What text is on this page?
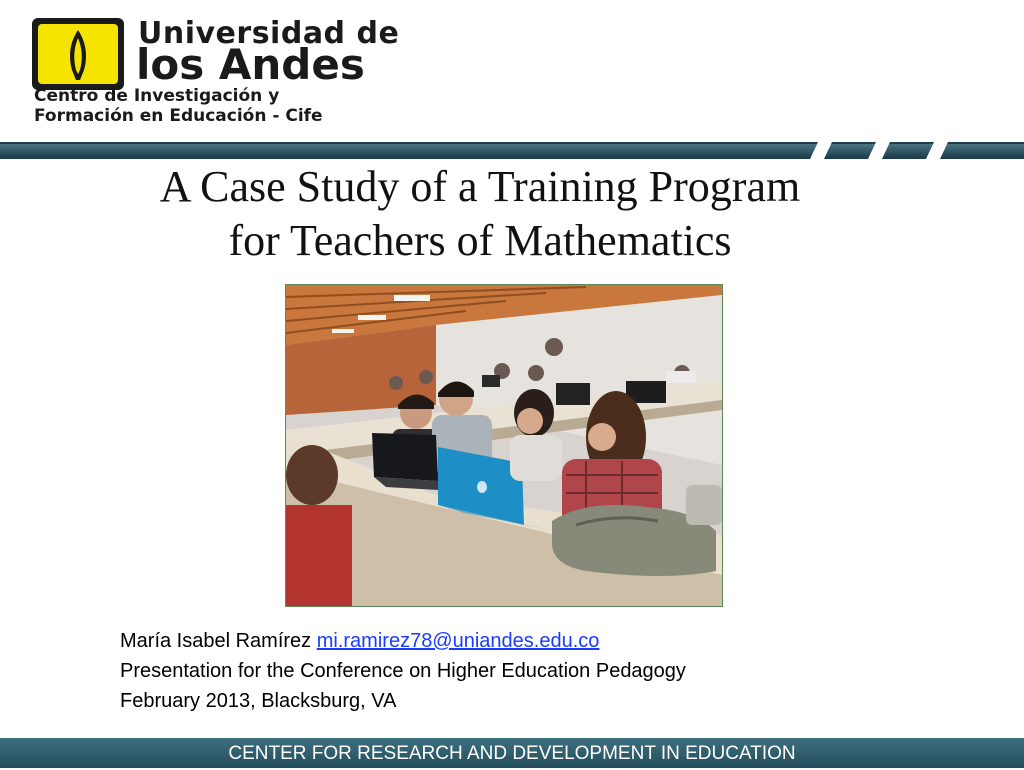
Universidad de
los Andes
Centro de Investigación y
Formación en Educación - Cife
A Case Study of a Training Program
for Teachers of Mathematics
María Isabel Ramírez mi.ramirez78@uniandes.edu.co
Presentation for the Conference on Higher Education Pedagogy
February 2013, Blacksburg, VA
CENTER FOR RESEARCH AND DEVELOPMENT IN EDUCATION
